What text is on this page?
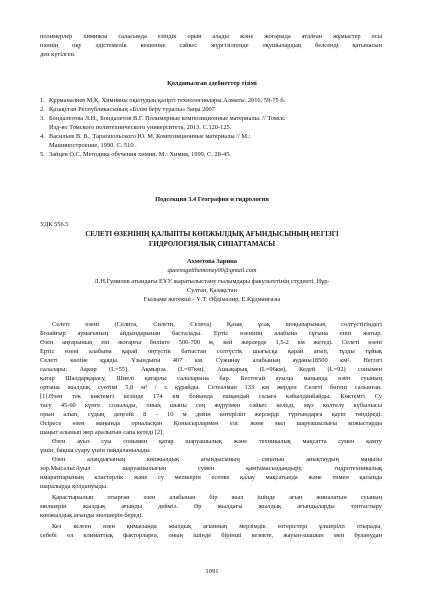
полимерлер химиясы саласында езіндік орын алады және жоғарыда аталған жұмыстер осы
пәннің оқу әдістемелік кешеніне сәйкес жүргізілгенде оқушылардың белсенді қатынасын
ден күтілген.
Қолданылған әдебиеттер тізімі
1. Құрманалиев М.Қ. Химияны оқытудың қазіргі технологиялары.Алматы. 2016. 59-75 б.
2. Қазақстан Республикасының «Білім беру туралы» Заңы 2007
3. Бондалетова Л.И., Бондалетов В.Г. Полимерные композиционные материалы. // Томск:
Изд-во Томского политехнического университета, 2013. С.120-125.
4. Васильев В. В., Тарнопольского Ю. М. Композиционные материалы // М.:
Машиностроение, 1990. С. 510 .
5. Зайцев О.С. Методика обучения химии. М.: Химия, 1999, С. 28-45.
Подсекция 3.4 География и гидрология
УДК 556.5
СЕЛЕТІ ӨЗЕНІНІҢ ҚАЛЫПТЫ КӨПЖЫЛДЫҚ АҒЫНДЫСЫНЫҢ НЕГІЗГІ
ГИДРОЛОГИЯЛЫҚ СИПАТТАМАСЫ
Ахметова Зарина
queensgetthemoney00@gmail.com
Л.Н.Гумилев атындағы ЕҰУ жаратылыстану ғылымдары факультетінің студенті, Нұр-
Султан, Қазақстан
Ғылыми жетекші - Ү.Т. Әбдімәлир, Е.Кұдманғазы
Селеті өзені (Селита, Силети, Селета) Қазақ ұсақ шоқыларының солтүстігіндегі
Бозайғыр аумағының айдындарынан басталады. Ертіс өзенінің алабына сұғына еніп жатыр.
Өзен аңғарының ені жоғарғы бөлікте 500-700 м, кей жерлерде 1,5-2 км жетеді. Селеті өзені
Ертіс өзені алабына қарай оңтүстік батыстан солтүстік шығысқа қарай ағып, тұзды тұйық
Селеті көліне құяды. Ұзындығы 407 км. Сужинау алабының ауданы18500 км². Негізгі
салалары: Ақкөр (L=55), Ақмырза (L=97км). Ашықарық (L=96км), Кедей (L=92) сонымен
қатар Шалдарқарасу, Шиелі қатарлы салаларына бар. Бестогай ауылы маңында өзен суының
орташа жылдық суөтімі 5,8 м³ / с құрайды. Сетеәлман 133 км жерден Селеті бөгені салынған.
[1].Өзен тек көктемгі кезінде 174 км бойында ешқандай салаға кәбылданбайды. Көктемгі Су
тасу 45-60 күнге созылады, оның шыны сең жүруімен сәйкес келеді, мұз көлтелу күбылысы
орын алып, судың деңгейі 8 - 10 м дейін көтеріліп жерлерді түрғындарға қауіп төндіреді.
Әсіресе өзен маңында орналасқан Қонысырлармен елс және мал шаруашылығы кожыстарды
шаңыт алынып жер аралығын сапа кетеді [2].
Өзен ауыз суы сонымен қатар шаруашылық және техникалық мақсатта сумен қамту
үшін, бақша суару үшін пайдаланылады.
Өзен алаңдығының көпжылдық ағындысының сипатын анықтаудың маңызы
зор.Мысалы:Ауыл шаруашылығын сумен қамтамасыздандыру, гидротехникалық
имаратпарының кластерлік және су мелшерін есепке қалау мақсатында және төмен қасында
шаралырда қолдануыды.
Қарастырылып отырған өзен алабынан бір жыл ішінде ағын жиналатын суының
мөлшерін жылдық ағынды дейміз. Әр жылдағы жылдық ағындыларды топтастыру
көпжылдық ағынды мөлшерін береді.
Кез келген өзен қимасында жылдық ағынның мерзімдік өзгерістері ұлшерілп отырады,
себебі ол климаттық факторларға, оның ішінде бірінші кезекте, жауын-шашын мен буланудан
1091
